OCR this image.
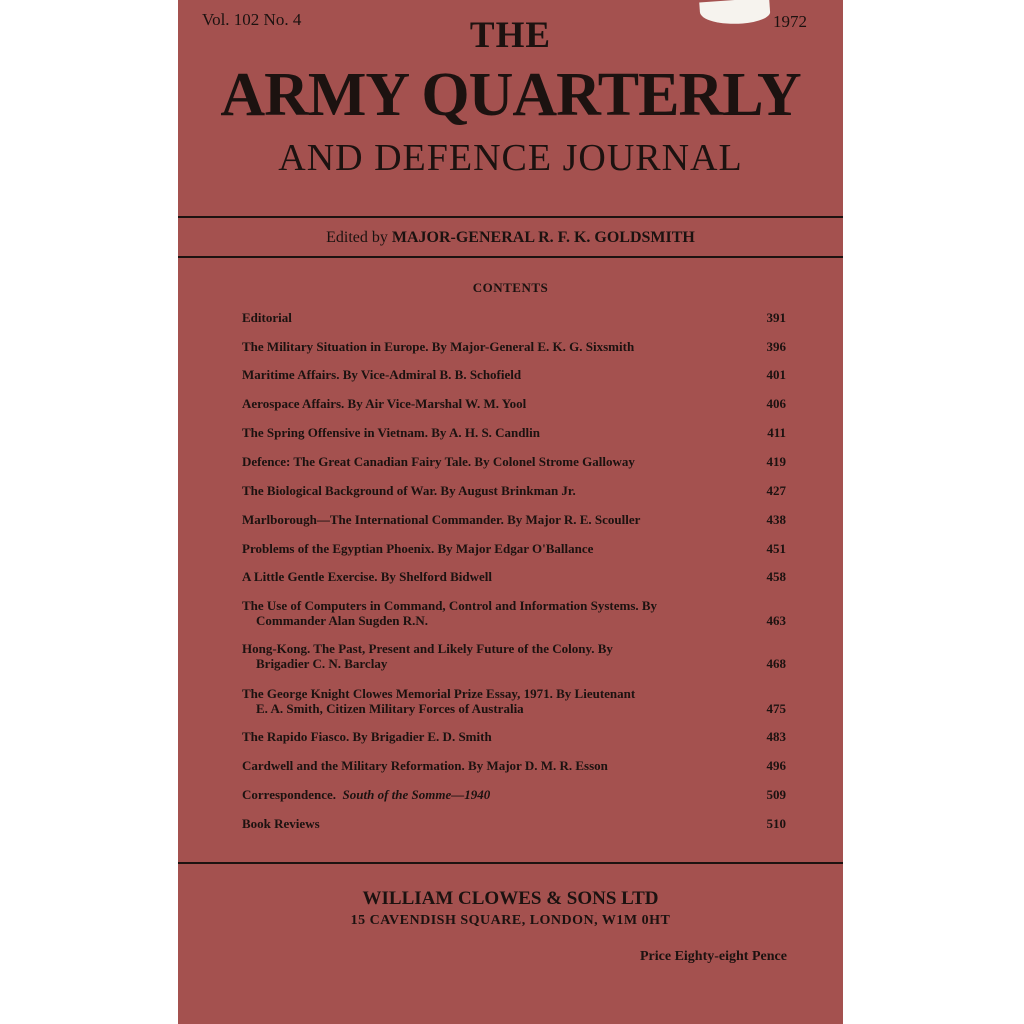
Vol. 102 No. 4	1972
THE
ARMY QUARTERLY
AND DEFENCE JOURNAL
Edited by MAJOR-GENERAL R. F. K. GOLDSMITH
CONTENTS
Editorial	391
The Military Situation in Europe. By Major-General E. K. G. Sixsmith	396
Maritime Affairs. By Vice-Admiral B. B. Schofield	401
Aerospace Affairs. By Air Vice-Marshal W. M. Yool	406
The Spring Offensive in Vietnam. By A. H. S. Candlin	411
Defence: The Great Canadian Fairy Tale. By Colonel Strome Galloway	419
The Biological Background of War. By August Brinkman Jr.	427
Marlborough—The International Commander. By Major R. E. Scouller	438
Problems of the Egyptian Phoenix. By Major Edgar O'Ballance	451
A Little Gentle Exercise. By Shelford Bidwell	458
The Use of Computers in Command, Control and Information Systems. By
Commander Alan Sugden R.N.	463
Hong-Kong. The Past, Present and Likely Future of the Colony. By
Brigadier C. N. Barclay	468
The George Knight Clowes Memorial Prize Essay, 1971. By Lieutenant
E. A. Smith, Citizen Military Forces of Australia	475
The Rapido Fiasco. By Brigadier E. D. Smith	483
Cardwell and the Military Reformation. By Major D. M. R. Esson	496
Correspondence. South of the Somme—1940	509
Book Reviews	510
WILLIAM CLOWES & SONS LTD
15 CAVENDISH SQUARE, LONDON, W1M 0HT
Price Eighty-eight Pence
